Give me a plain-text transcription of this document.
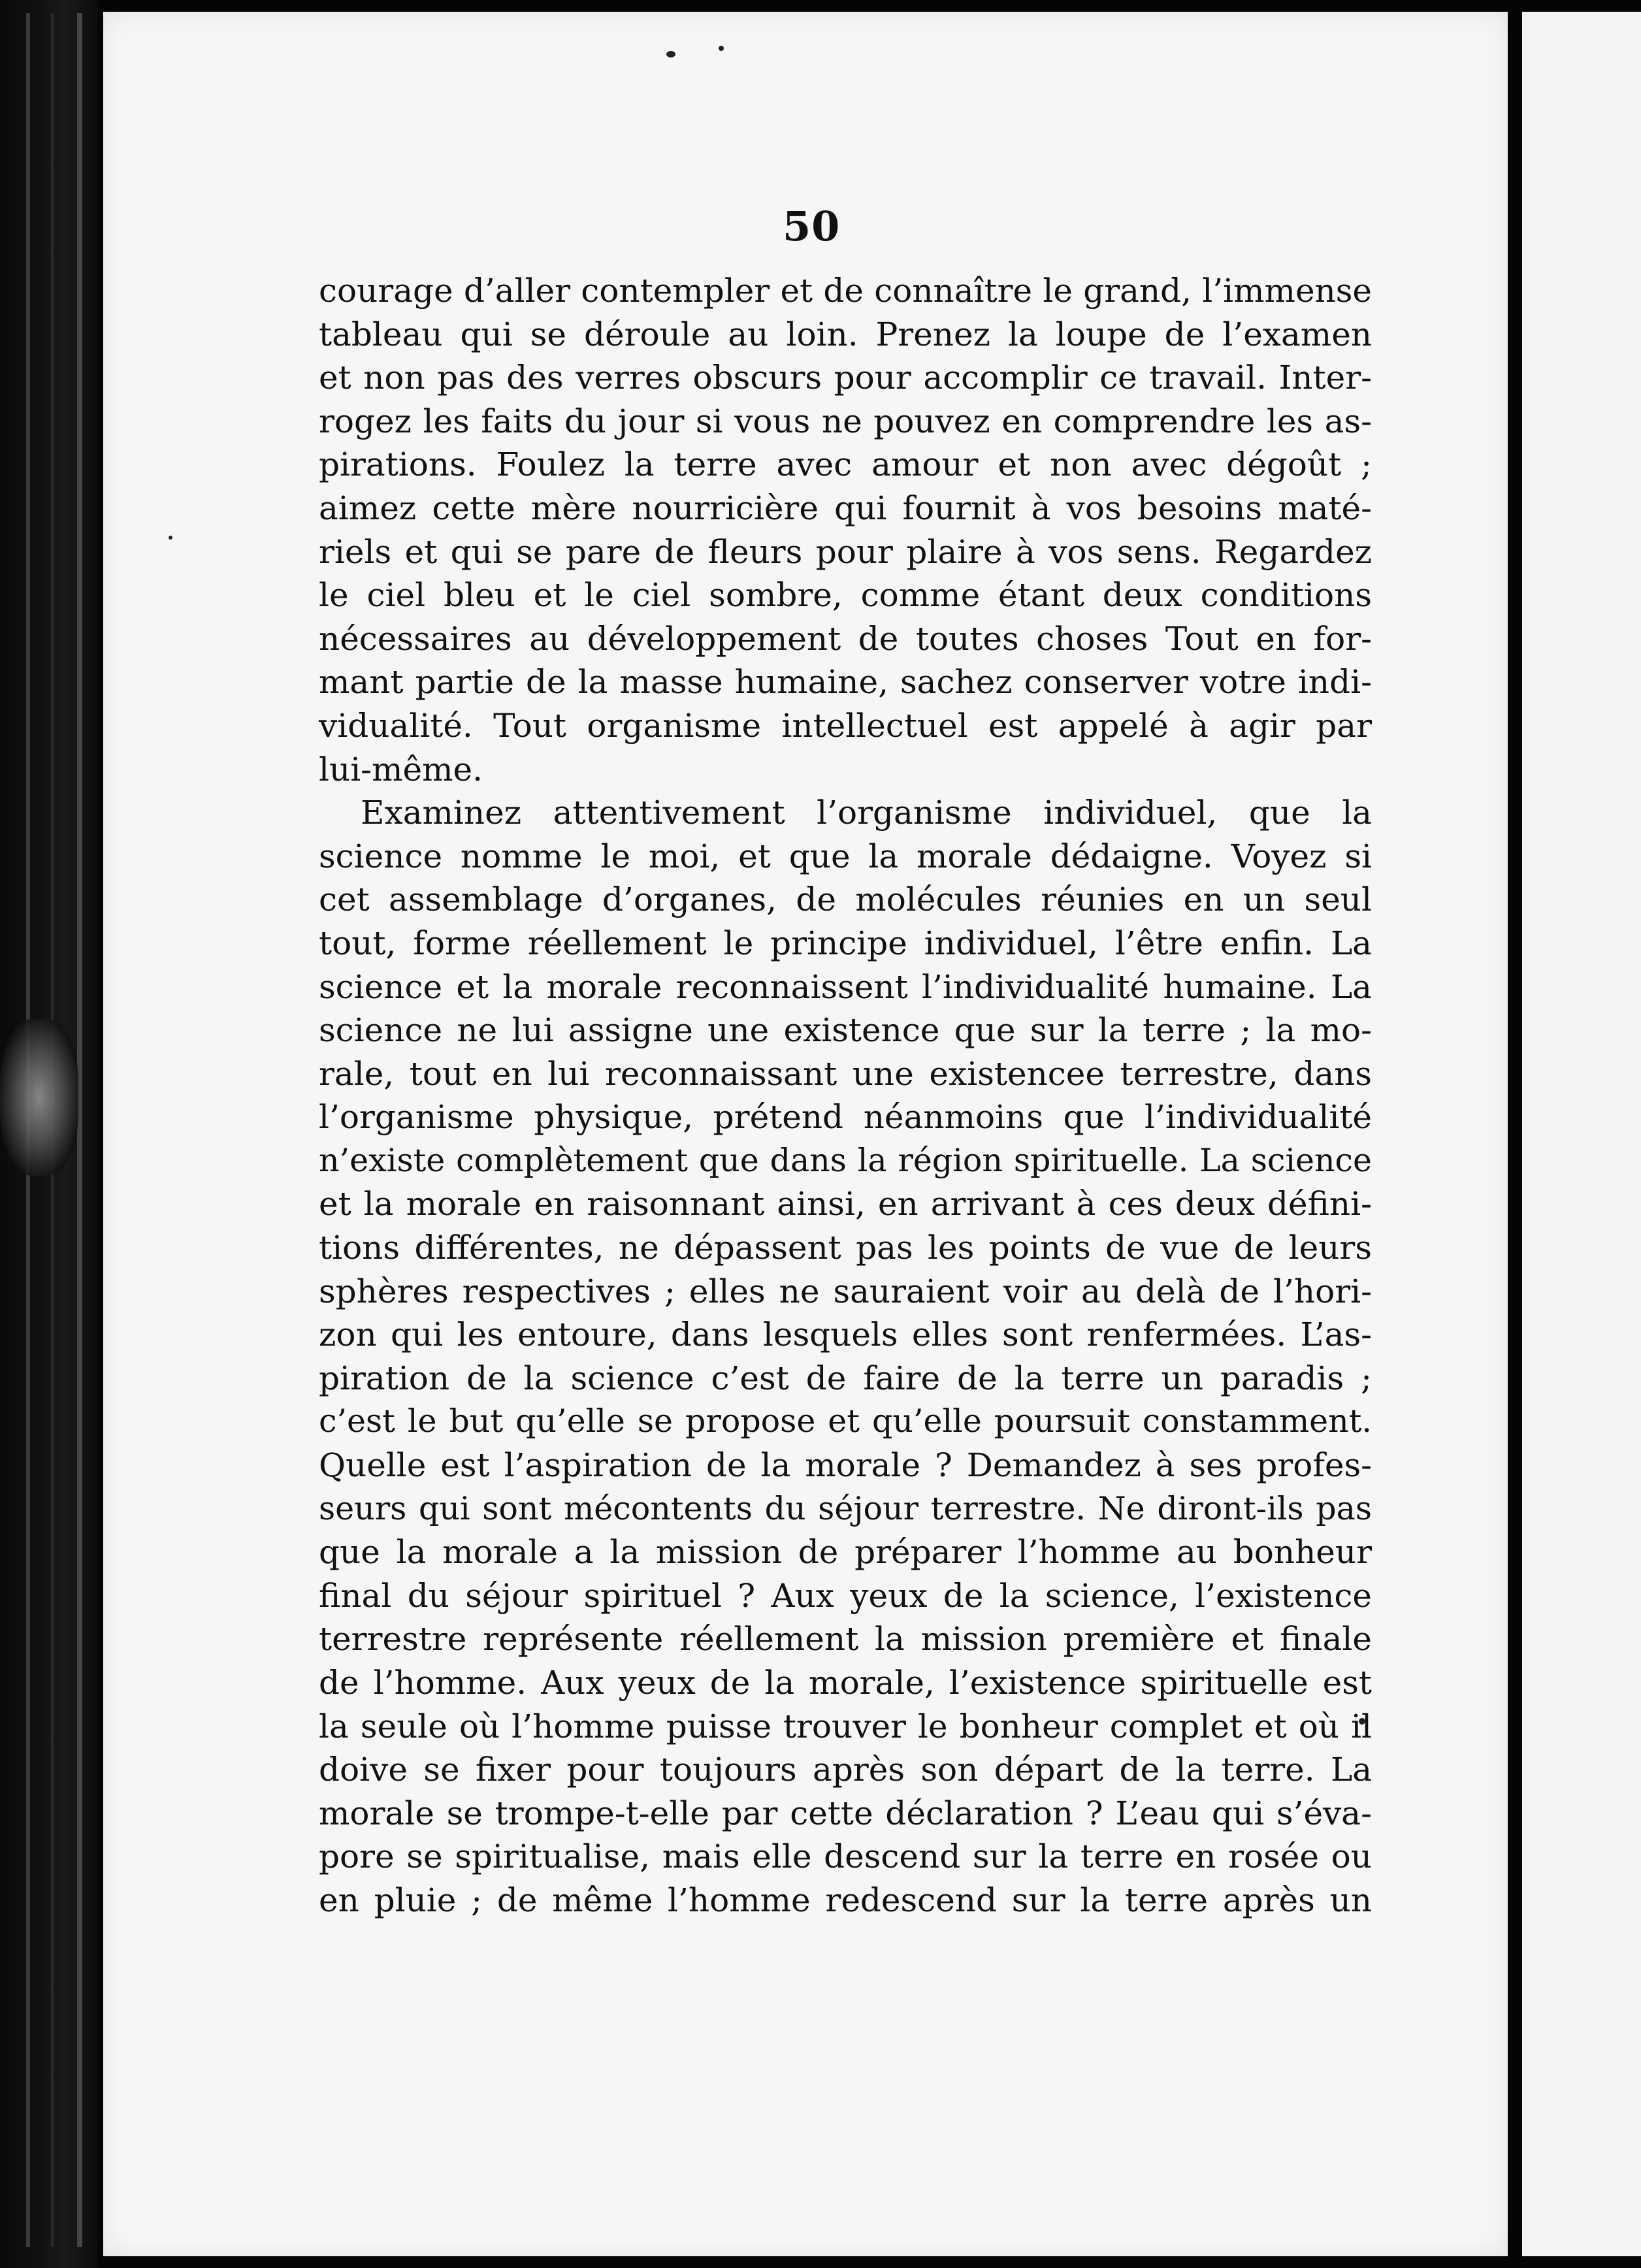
50
courage d’aller contempler et de connaître le grand, l’immense
tableau qui se déroule au loin. Prenez la loupe de l’examen
et non pas des verres obscurs pour accomplir ce travail. Inter-
rogez les faits du jour si vous ne pouvez en comprendre les as-
pirations. Foulez la terre avec amour et non avec dégoût ;
aimez cette mère nourricière qui fournit à vos besoins maté-
riels et qui se pare de fleurs pour plaire à vos sens. Regardez
le ciel bleu et le ciel sombre, comme étant deux conditions
nécessaires au développement de toutes choses Tout en for-
mant partie de la masse humaine, sachez conserver votre indi-
vidualité. Tout organisme intellectuel est appelé à agir par
lui-même.
Examinez attentivement l’organisme individuel, que la
science nomme le moi, et que la morale dédaigne. Voyez si
cet assemblage d’organes, de molécules réunies en un seul
tout, forme réellement le principe individuel, l’être enfin. La
science et la morale reconnaissent l’individualité humaine. La
science ne lui assigne une existence que sur la terre ; la mo-
rale, tout en lui reconnaissant une existencee terrestre, dans
l’organisme physique, prétend néanmoins que l’individualité
n’existe complètement que dans la région spirituelle. La science
et la morale en raisonnant ainsi, en arrivant à ces deux défini-
tions différentes, ne dépassent pas les points de vue de leurs
sphères respectives ; elles ne sauraient voir au delà de l’hori-
zon qui les entoure, dans lesquels elles sont renfermées. L’as-
piration de la science c’est de faire de la terre un paradis ;
c’est le but qu’elle se propose et qu’elle poursuit constamment.
Quelle est l’aspiration de la morale ? Demandez à ses profes-
seurs qui sont mécontents du séjour terrestre. Ne diront-ils pas
que la morale a la mission de préparer l’homme au bonheur
final du séjour spirituel ? Aux yeux de la science, l’existence
terrestre représente réellement la mission première et finale
de l’homme. Aux yeux de la morale, l’existence spirituelle est
la seule où l’homme puisse trouver le bonheur complet et où il
doive se fixer pour toujours après son départ de la terre. La
morale se trompe-t-elle par cette déclaration ? L’eau qui s’éva-
pore se spiritualise, mais elle descend sur la terre en rosée ou
en pluie ; de même l’homme redescend sur la terre après un
